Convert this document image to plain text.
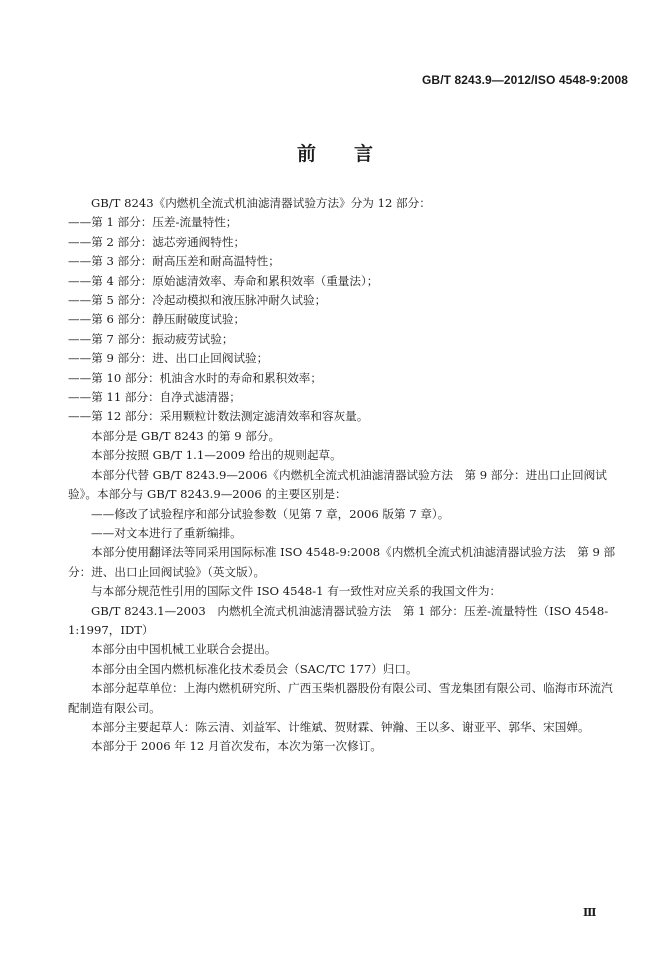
GB/T 8243.9—2012/ISO 4548-9:2008
前言

GB/T 8243《内燃机全流式机油滤清器试验方法》分为 12 部分：

——第 1 部分：压差-流量特性；

——第 2 部分：滤芯旁通阀特性；

——第 3 部分：耐高压差和耐高温特性；

——第 4 部分：原始滤清效率、寿命和累积效率（重量法）；

——第 5 部分：冷起动模拟和液压脉冲耐久试验；

——第 6 部分：静压耐破度试验；

——第 7 部分：振动疲劳试验；

——第 9 部分：进、出口止回阀试验；

——第 10 部分：机油含水时的寿命和累积效率；

——第 11 部分：自净式滤清器；

——第 12 部分：采用颗粒计数法测定滤清效率和容灰量。

本部分是 GB/T 8243 的第 9 部分。

本部分按照 GB/T 1.1—2009 给出的规则起草。

本部分代替 GB/T 8243.9—2006《内燃机全流式机油滤清器试验方法　第 9 部分：进出口止回阀试验》。本部分与 GB/T 8243.9—2006 的主要区别是：

——修改了试验程序和部分试验参数（见第 7 章，2006 版第 7 章）。

——对文本进行了重新编排。

本部分使用翻译法等同采用国际标准 ISO 4548-9:2008《内燃机全流式机油滤清器试验方法　第 9 部分：进、出口止回阀试验》（英文版）。

与本部分规范性引用的国际文件 ISO 4548-1 有一致性对应关系的我国文件为：

GB/T 8243.1—2003　内燃机全流式机油滤清器试验方法　第 1 部分：压差-流量特性（ISO 4548-1:1997，IDT）

本部分由中国机械工业联合会提出。

本部分由全国内燃机标准化技术委员会（SAC/TC 177）归口。

本部分起草单位：上海内燃机研究所、广西玉柴机器股份有限公司、雪龙集团有限公司、临海市环流汽配制造有限公司。

本部分主要起草人：陈云清、刘益军、计维斌、贺财霖、钟瀚、王以多、谢亚平、郭华、宋国婵。

本部分于 2006 年 12 月首次发布，本次为第一次修订。

Ⅲ
